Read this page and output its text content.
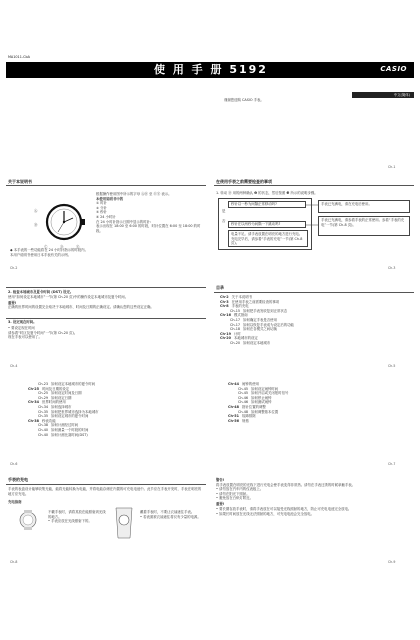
MA1011-CbA
使 用 手 册 5192	CASIO
中文(简体)
谨谢您选购 CASIO 手表。
Ch-1
关于本说明书	在使用手表之前需要检查的事项
Ⓐ
Ⓑ
Ⓒ	Ⓓ	Ⓔ
根据操作使用图中所示的字母 ⒶⒷ 至 ⒹⒺ 表示。
本使用说明书中的
① 时针
② 分针
③ 秒针
④ 24 小时针
在 24 小时针指示日期中显示的时针:
表示出现在 18:00 至 6:00 的时段，时针位置在 6:00 至 18:00 的时段。
◆ 本手表的一些功能将在 24 小时针指示的时段内。
本用户说明书使用日本手表有关的示例。
Ch-2
1. 转动 Ⓑ 用的两种确认 ❷ 的状态，然后按照 ❸ 所示的说明步骤。
秒针以一秒为间隔正常移动吗?
是
否
秒针在以两秒为间隔一下跳动吗?
电量不足。请手表放置在明亮的地方进行充电。充电完毕后，请参看“手表的充电”一节(第 Ch-8 页)。
手表已充满电，请在充电后使用。
手表已充满电，请参看手表的正常使用。参看“手表的充电”一节(第 Ch-8 页)。
Ch-3
2. 检查本地城市及夏令时间 (DST) 设定。
使用“如何设定本地城市”一节(第 Ch-20 页)中的操作设定本地城市及夏令时间。
重要!
正确的世界时间的设置完全取决于本地城市、时间及日期的正确设定。请确认您的这些设定正确。
3. 设定现在时间。
• 要设定现在时间
请参看“时区及夏令时间”一节(第 Ch-20 页)。
现在手表可以使用了。
Ch-4
目录
Ch-2 关于本说明书
Ch-3 在使用手表之前需要检查的事项
Ch-8 手表的充电
Ch-15 如何把手表发收复到正常状态
Ch-16 模式指南
Ch-17 如何确定手表是否使用
Ch-17 如何以恢复手表成为设定后的功能
Ch-18 如何在各模式之间切换
Ch-19 计时
Ch-20 本地城市的设定
Ch-20 如何设定本地城市
Ch-5
Ch-23 如何设定本地城市的夏令时间
Ch-25 时间及日期的设定
Ch-25 如何设定时间及日期
Ch-29 如何设定日期
Ch-34 世界时间的使用
Ch-34 如何选择城市
Ch-35 如何把世界城市选择为本地城市
Ch-35 如何设定城市的夏令时间
Ch-38 秒表功能
Ch-38 如何计测经过时间
Ch-40 如何测量一个时段的时间
Ch-40 如何计测比赛时间(DST)
Ch-44 闹钟的使用
Ch-45 如何设定闹钟时间
Ch-45 如何开启或关闭报时信号
Ch-46 如何停止闹钟
Ch-46 如何测试闹钟
Ch-48 指针位置的调整
Ch-48 如何调整基本位置
Ch-51 故障排除
Ch-56 规格
Ch-6	Ch-7
手表的充电
手表的表盘设计能够收集光能，能将光能转换为电能，并将电能存储在内置的可充电电池中。此节应在手表开发时，手表在明亮的地方应充电。
充电指南
不戴手表时，请将其放在能照射到光线的地方。
• 手表应放在光线照射下的。
戴着手表时，不要让衣袖遮住手表。
• 若表面被衣袖遮住将仅有少量的电源。
Ch-8
警告!
将手表放置在明亮的光线下进行充电会使手表变得非常热。请勿在手表还烫的时候拿触手表。
• 请勿放在汽车内的仪表板上。
• 请勿在阳光下照射。
• 避免放在白炽灯附近。
重要!
• 要长期存放手表时，请将手表放在可以接受光线照射的地方，防止可充电电池完全放电。
• 如果长时间放在光线无法照射的地方，可充电电池会完全放电。
Ch-9
